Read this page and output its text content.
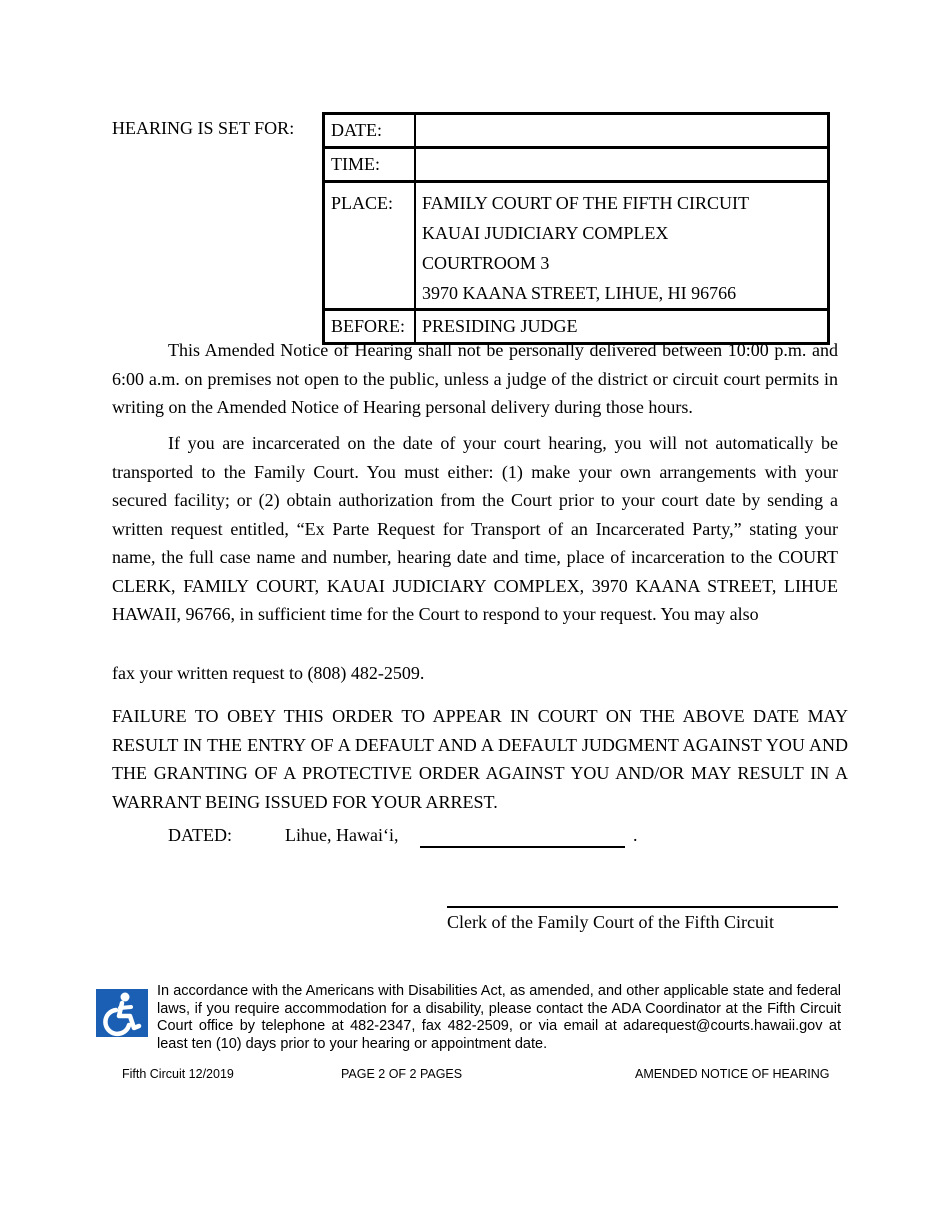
HEARING IS SET FOR: DATE:	
TIME:	
PLACE:	FAMILY COURT OF THE FIFTH CIRCUIT
KAUAI JUDICIARY COMPLEX
COURTROOM 3
3970 KAANA STREET, LIHUE, HI 96766

BEFORE:	PRESIDING JUDGE

This Amended Notice of Hearing shall not be personally delivered between 10:00 p.m. and 6:00 a.m. on premises not open to the public, unless a judge of the district or circuit court permits in writing on the Amended Notice of Hearing personal delivery during those hours.

If you are incarcerated on the date of your court hearing, you will not automatically be transported to the Family Court. You must either: (1) make your own arrangements with your secured facility; or (2) obtain authorization from the Court prior to your court date by sending a written request entitled, “Ex Parte Request for Transport of an Incarcerated Party,” stating your name, the full case name and number, hearing date and time, place of incarceration to the COURT CLERK, FAMILY COURT, KAUAI JUDICIARY COMPLEX, 3970 KAANA STREET, LIHUE HAWAII, 96766, in sufficient time for the Court to respond to your request. You may also

fax your written request to (808) 482-2509.

FAILURE TO OBEY THIS ORDER TO APPEAR IN COURT ON THE ABOVE DATE MAY RESULT IN THE ENTRY OF A DEFAULT AND A DEFAULT JUDGMENT AGAINST YOU AND THE GRANTING OF A PROTECTIVE ORDER AGAINST YOU AND/OR MAY RESULT IN A WARRANT BEING ISSUED FOR YOUR ARREST.

DATED:	Lihue, Hawai‘i,	.
Clerk of the Family Court of the Fifth Circuit
In accordance with the Americans with Disabilities Act, as amended, and other applicable state and federal laws, if you require accommodation for a disability, please contact the ADA Coordinator at the Fifth Circuit Court office by telephone at 482-2347, fax 482-2509, or via email at adarequest@courts.hawaii.gov at least ten (10) days prior to your hearing or appointment date.
Fifth Circuit 12/2019	PAGE 2 OF 2 PAGES	AMENDED NOTICE OF HEARING
